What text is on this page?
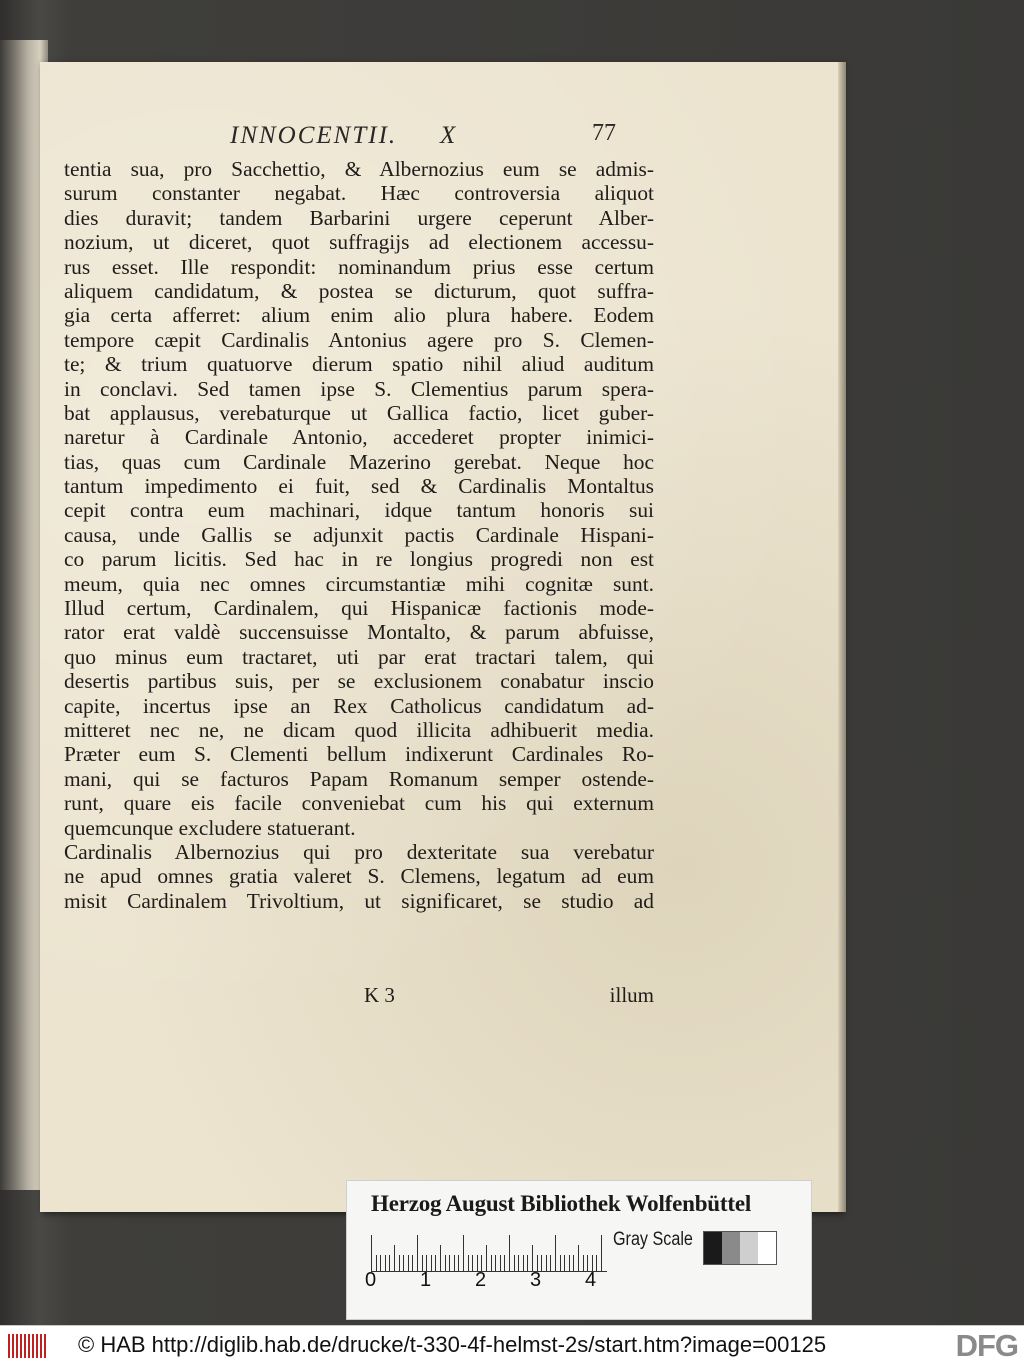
INNOCENTII. X	77
tentia sua, pro Sacchettio, & Albernozius eum se admis-
surum constanter negabat. Hæc controversia aliquot
dies duravit; tandem Barbarini urgere ceperunt Alber-
nozium, ut diceret, quot suffragijs ad electionem accessu-
rus esset. Ille respondit: nominandum prius esse certum
aliquem candidatum, & postea se dicturum, quot suffra-
gia certa afferret: alium enim alio plura habere. Eodem
tempore cæpit Cardinalis Antonius agere pro S. Clemen-
te; & trium quatuorve dierum spatio nihil aliud auditum
in conclavi. Sed tamen ipse S. Clementius parum spera-
bat applausus, verebaturque ut Gallica factio, licet guber-
naretur à Cardinale Antonio, accederet propter inimici-
tias, quas cum Cardinale Mazerino gerebat. Neque hoc
tantum impedimento ei fuit, sed & Cardinalis Montaltus
cepit contra eum machinari, idque tantum honoris sui
causa, unde Gallis se adjunxit pactis Cardinale Hispani-
co parum licitis. Sed hac in re longius progredi non est
meum, quia nec omnes circumstantiæ mihi cognitæ sunt.
Illud certum, Cardinalem, qui Hispanicæ factionis mode-
rator erat valdè succensuisse Montalto, & parum abfuisse,
quo minus eum tractaret, uti par erat tractari talem, qui
desertis partibus suis, per se exclusionem conabatur inscio
capite, incertus ipse an Rex Catholicus candidatum ad-
mitteret nec ne, ne dicam quod illicita adhibuerit media.
Præter eum S. Clementi bellum indixerunt Cardinales Ro-
mani, qui se facturos Papam Romanum semper ostende-
runt, quare eis facile conveniebat cum his qui externum
quemcunque excludere statuerant.
Cardinalis Albernozius qui pro dexteritate sua verebatur
ne apud omnes gratia valeret S. Clemens, legatum ad eum
misit Cardinalem Trivoltium, ut significaret, se studio ad
K 3	illum
Herzog August Bibliothek Wolfenbüttel
0 1 2 3 4
Gray Scale
© HAB http://diglib.hab.de/drucke/t-330-4f-helmst-2s/start.htm?image=00125	DFG
